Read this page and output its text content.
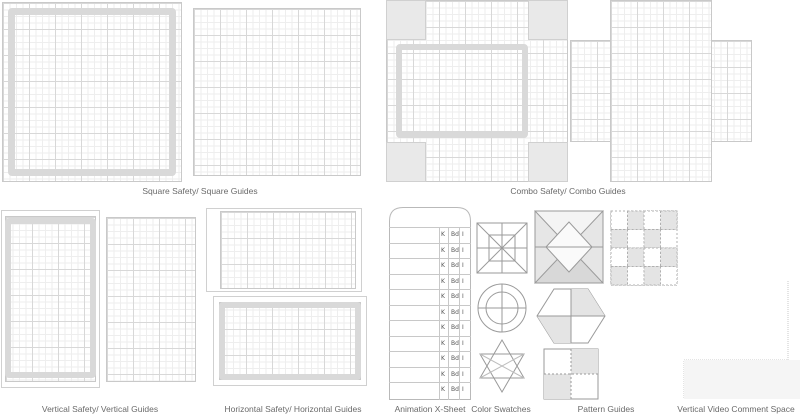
Square Safety/ Square Guides	Combo Safety/ Combo Guides
Vertical Safety/ Vertical Guides	Horizontal Safety/ Horizontal Guides
K Bd I
K Bd I
K Bd I
K Bd I
K Bd I
K Bd I
K Bd I
K Bd I
K Bd I
K Bd I
K Bd I
Animation X-Sheet Color Swatches	Pattern Guides	Vertical Video Comment Space
